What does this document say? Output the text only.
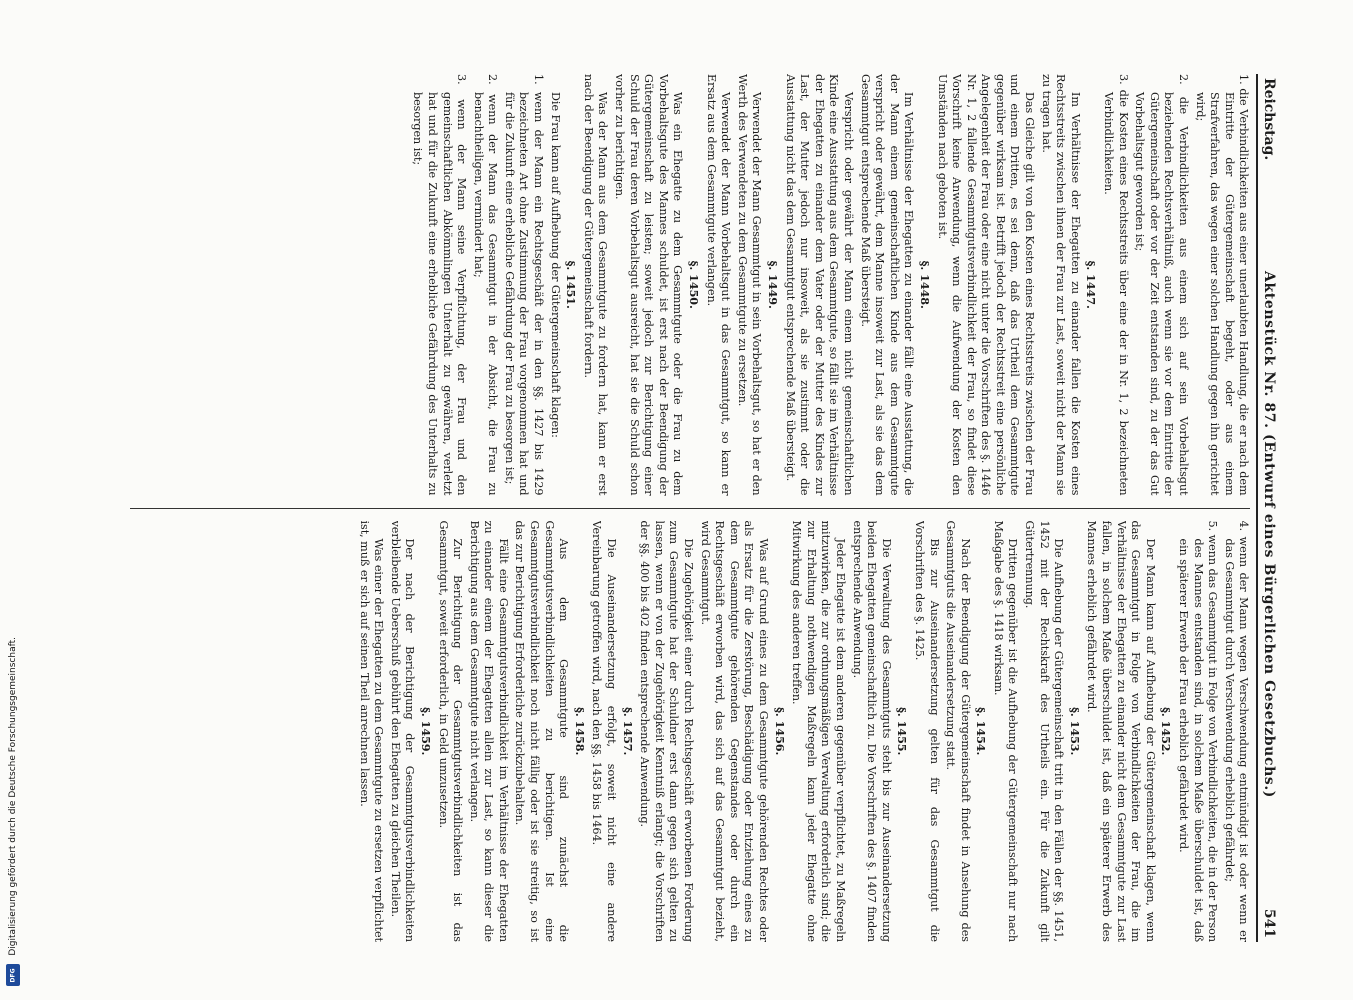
Digitalisierung gefördert durch die Deutsche Forschungsgemeinschaft.
DFG
Reichstag.
Aktenstück Nr. 87. (Entwurf eines Bürgerlichen Gesetzbuchs.)
541

1. die Verbindlichkeiten aus einer unerlaubten Handlung, die er nach dem Eintritte der Gütergemeinschaft begeht, oder aus einem Strafverfahren, das wegen einer solchen Handlung gegen ihn gerichtet wird;

2. die Verbindlichkeiten aus einem sich auf sein Vorbehaltsgut beziehenden Rechtsverhältniß, auch wenn sie vor dem Eintritte der Gütergemeinschaft oder vor der Zeit entstanden sind, zu der das Gut Vorbehaltsgut geworden ist;

3. die Kosten eines Rechtsstreits über eine der in Nr. 1, 2 bezeichneten Verbindlichkeiten.

§. 1447.

Im Verhältnisse der Ehegatten zu einander fallen die Kosten eines Rechtsstreits zwischen ihnen der Frau zur Last, soweit nicht der Mann sie zu tragen hat.

Das Gleiche gilt von den Kosten eines Rechtsstreits zwischen der Frau und einem Dritten, es sei denn, daß das Urtheil dem Gesammtgute gegenüber wirksam ist. Betrifft jedoch der Rechtsstreit eine persönliche Angelegenheit der Frau oder eine nicht unter die Vorschriften des §. 1446 Nr. 1, 2 fallende Gesammtgutsverbindlichkeit der Frau, so findet diese Vorschrift keine Anwendung, wenn die Aufwendung der Kosten den Umständen nach geboten ist.

§. 1448.

Im Verhältnisse der Ehegatten zu einander fällt eine Ausstattung, die der Mann einem gemeinschaftlichen Kinde aus dem Gesammtgute verspricht oder gewährt, dem Manne insoweit zur Last, als sie das dem Gesammtgut entsprechende Maß übersteigt.

Verspricht oder gewährt der Mann einem nicht gemeinschaftlichen Kinde eine Ausstattung aus dem Gesammtgute, so fällt sie im Verhältnisse der Ehegatten zu einander dem Vater oder der Mutter des Kindes zur Last, der Mutter jedoch nur insoweit, als sie zustimmt oder die Ausstattung nicht das dem Gesammtgut entsprechende Maß übersteigt.

§. 1449.

Verwendet der Mann Gesammtgut in sein Vorbehaltsgut, so hat er den Werth des Verwendeten zu dem Gesammtgute zu ersetzen.

Verwendet der Mann Vorbehaltsgut in das Gesammtgut, so kann er Ersatz aus dem Gesammtgute verlangen.

§. 1450.

Was ein Ehegatte zu dem Gesammtgute oder die Frau zu dem Vorbehaltsgute des Mannes schuldet, ist erst nach der Beendigung der Gütergemeinschaft zu leisten; soweit jedoch zur Berichtigung einer Schuld der Frau deren Vorbehaltsgut ausreicht, hat sie die Schuld schon vorher zu berichtigen.

Was der Mann aus dem Gesammtgute zu fordern hat, kann er erst nach der Beendigung der Gütergemeinschaft fordern.

§. 1451.

Die Frau kann auf Aufhebung der Gütergemeinschaft klagen:

1. wenn der Mann ein Rechtsgeschäft der in den §§. 1427 bis 1429 bezeichneten Art ohne Zustimmung der Frau vorgenommen hat und für die Zukunft eine erhebliche Gefährdung der Frau zu besorgen ist;

2. wenn der Mann das Gesammtgut in der Absicht, die Frau zu benachtheiligen, vermindert hat;

3. wenn der Mann seine Verpflichtung, der Frau und den gemeinschaftlichen Abkömmlingen Unterhalt zu gewähren, verletzt hat und für die Zukunft eine erhebliche Gefährdung des Unterhalts zu besorgen ist;

4. wenn der Mann wegen Verschwendung entmündigt ist oder wenn er das Gesammtgut durch Verschwendung erheblich gefährdet;

5. wenn das Gesammtgut in Folge von Verbindlichkeiten, die in der Person des Mannes entstanden sind, in solchem Maße überschuldet ist, daß ein späterer Erwerb der Frau erheblich gefährdet wird.

§. 1452.

Der Mann kann auf Aufhebung der Gütergemeinschaft klagen, wenn das Gesammtgut in Folge von Verbindlichkeiten der Frau, die im Verhältnisse der Ehegatten zu einander nicht dem Gesammtgute zur Last fallen, in solchem Maße überschuldet ist, daß ein späterer Erwerb des Mannes erheblich gefährdet wird.

§. 1453.

Die Aufhebung der Gütergemeinschaft tritt in den Fällen der §§. 1451, 1452 mit der Rechtskraft des Urtheils ein. Für die Zukunft gilt Gütertrennung.

Dritten gegenüber ist die Aufhebung der Gütergemeinschaft nur nach Maßgabe des §. 1418 wirksam.

§. 1454.

Nach der Beendigung der Gütergemeinschaft findet in Ansehung des Gesammtguts die Auseinandersetzung statt.

Bis zur Auseinandersetzung gelten für das Gesammtgut die Vorschriften des §. 1425.

§. 1455.

Die Verwaltung des Gesammtguts steht bis zur Auseinandersetzung beiden Ehegatten gemeinschaftlich zu. Die Vorschriften des §. 1407 finden entsprechende Anwendung.

Jeder Ehegatte ist dem anderen gegenüber verpflichtet, zu Maßregeln mitzuwirken, die zur ordnungsmäßigen Verwaltung erforderlich sind; die zur Erhaltung nothwendigen Maßregeln kann jeder Ehegatte ohne Mitwirkung des anderen treffen.

§. 1456.

Was auf Grund eines zu dem Gesammtgute gehörenden Rechtes oder als Ersatz für die Zerstörung, Beschädigung oder Entziehung eines zu dem Gesammtgute gehörenden Gegenstandes oder durch ein Rechtsgeschäft erworben wird, das sich auf das Gesammtgut bezieht, wird Gesammtgut.

Die Zugehörigkeit einer durch Rechtsgeschäft erworbenen Forderung zum Gesammtgute hat der Schuldner erst dann gegen sich gelten zu lassen, wenn er von der Zugehörigkeit Kenntniß erlangt; die Vorschriften der §§. 400 bis 402 finden entsprechende Anwendung.

§. 1457.

Die Auseinandersetzung erfolgt, soweit nicht eine andere Vereinbarung getroffen wird, nach den §§. 1458 bis 1464.

§. 1458.

Aus dem Gesammtgute sind zunächst die Gesammtgutsverbindlichkeiten zu berichtigen. Ist eine Gesammtgutsverbindlichkeit noch nicht fällig oder ist sie streitig, so ist das zur Berichtigung Erforderliche zurückzubehalten.

Fällt eine Gesammtgutsverbindlichkeit im Verhältnisse der Ehegatten zu einander einem der Ehegatten allein zur Last, so kann dieser die Berichtigung aus dem Gesammtgute nicht verlangen.

Zur Berichtigung der Gesammtgutsverbindlichkeiten ist das Gesammtgut, soweit erforderlich, in Geld umzusetzen.

§. 1459.

Der nach der Berichtigung der Gesammtgutsverbindlichkeiten verbleibende Ueberschuß gebührt den Ehegatten zu gleichen Theilen.

Was einer der Ehegatten zu dem Gesammtgute zu ersetzen verpflichtet ist, muß er sich auf seinen Theil anrechnen lassen.
